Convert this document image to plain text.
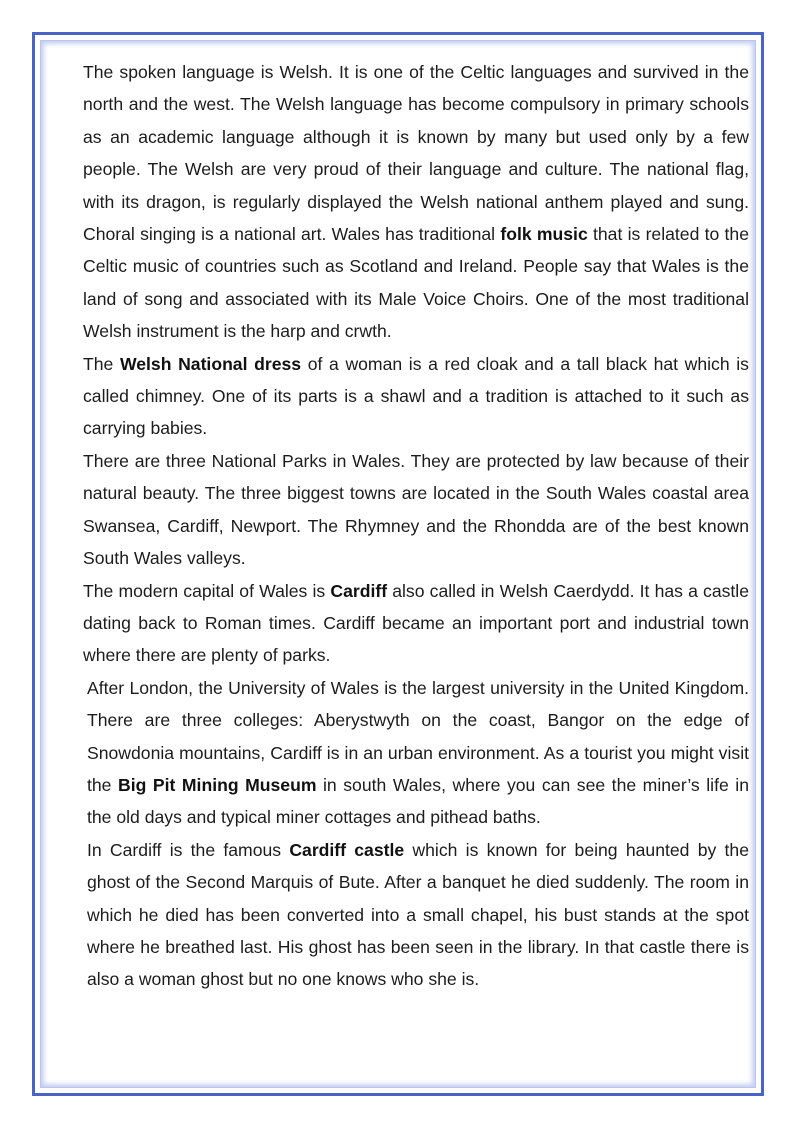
The spoken language is Welsh. It is one of the Celtic languages and survived in the north and the west. The Welsh language has become compulsory in primary schools as an academic language although it is known by many but used only by a few people. The Welsh are very proud of their language and culture. The national flag, with its dragon, is regularly displayed the Welsh national anthem played and sung. Choral singing is a national art. Wales has traditional folk music that is related to the Celtic music of countries such as Scotland and Ireland. People say that Wales is the land of song and associated with its Male Voice Choirs. One of the most traditional Welsh instrument is the harp and crwth.

The Welsh National dress of a woman is a red cloak and a tall black hat which is called chimney. One of its parts is a shawl and a tradition is attached to it such as carrying babies.

There are three National Parks in Wales. They are protected by law because of their natural beauty. The three biggest towns are located in the South Wales coastal area Swansea, Cardiff, Newport. The Rhymney and the Rhondda are of the best known South Wales valleys.

The modern capital of Wales is Cardiff also called in Welsh Caerdydd. It has a castle dating back to Roman times. Cardiff became an important port and industrial town where there are plenty of parks.

After London, the University of Wales is the largest university in the United Kingdom. There are three colleges: Aberystwyth on the coast, Bangor on the edge of Snowdonia mountains, Cardiff is in an urban environment. As a tourist you might visit the Big Pit Mining Museum in south Wales, where you can see the miner’s life in the old days and typical miner cottages and pithead baths.

In Cardiff is the famous Cardiff castle which is known for being haunted by the ghost of the Second Marquis of Bute. After a banquet he died suddenly. The room in which he died has been converted into a small chapel, his bust stands at the spot where he breathed last. His ghost has been seen in the library. In that castle there is also a woman ghost but no one knows who she is.
